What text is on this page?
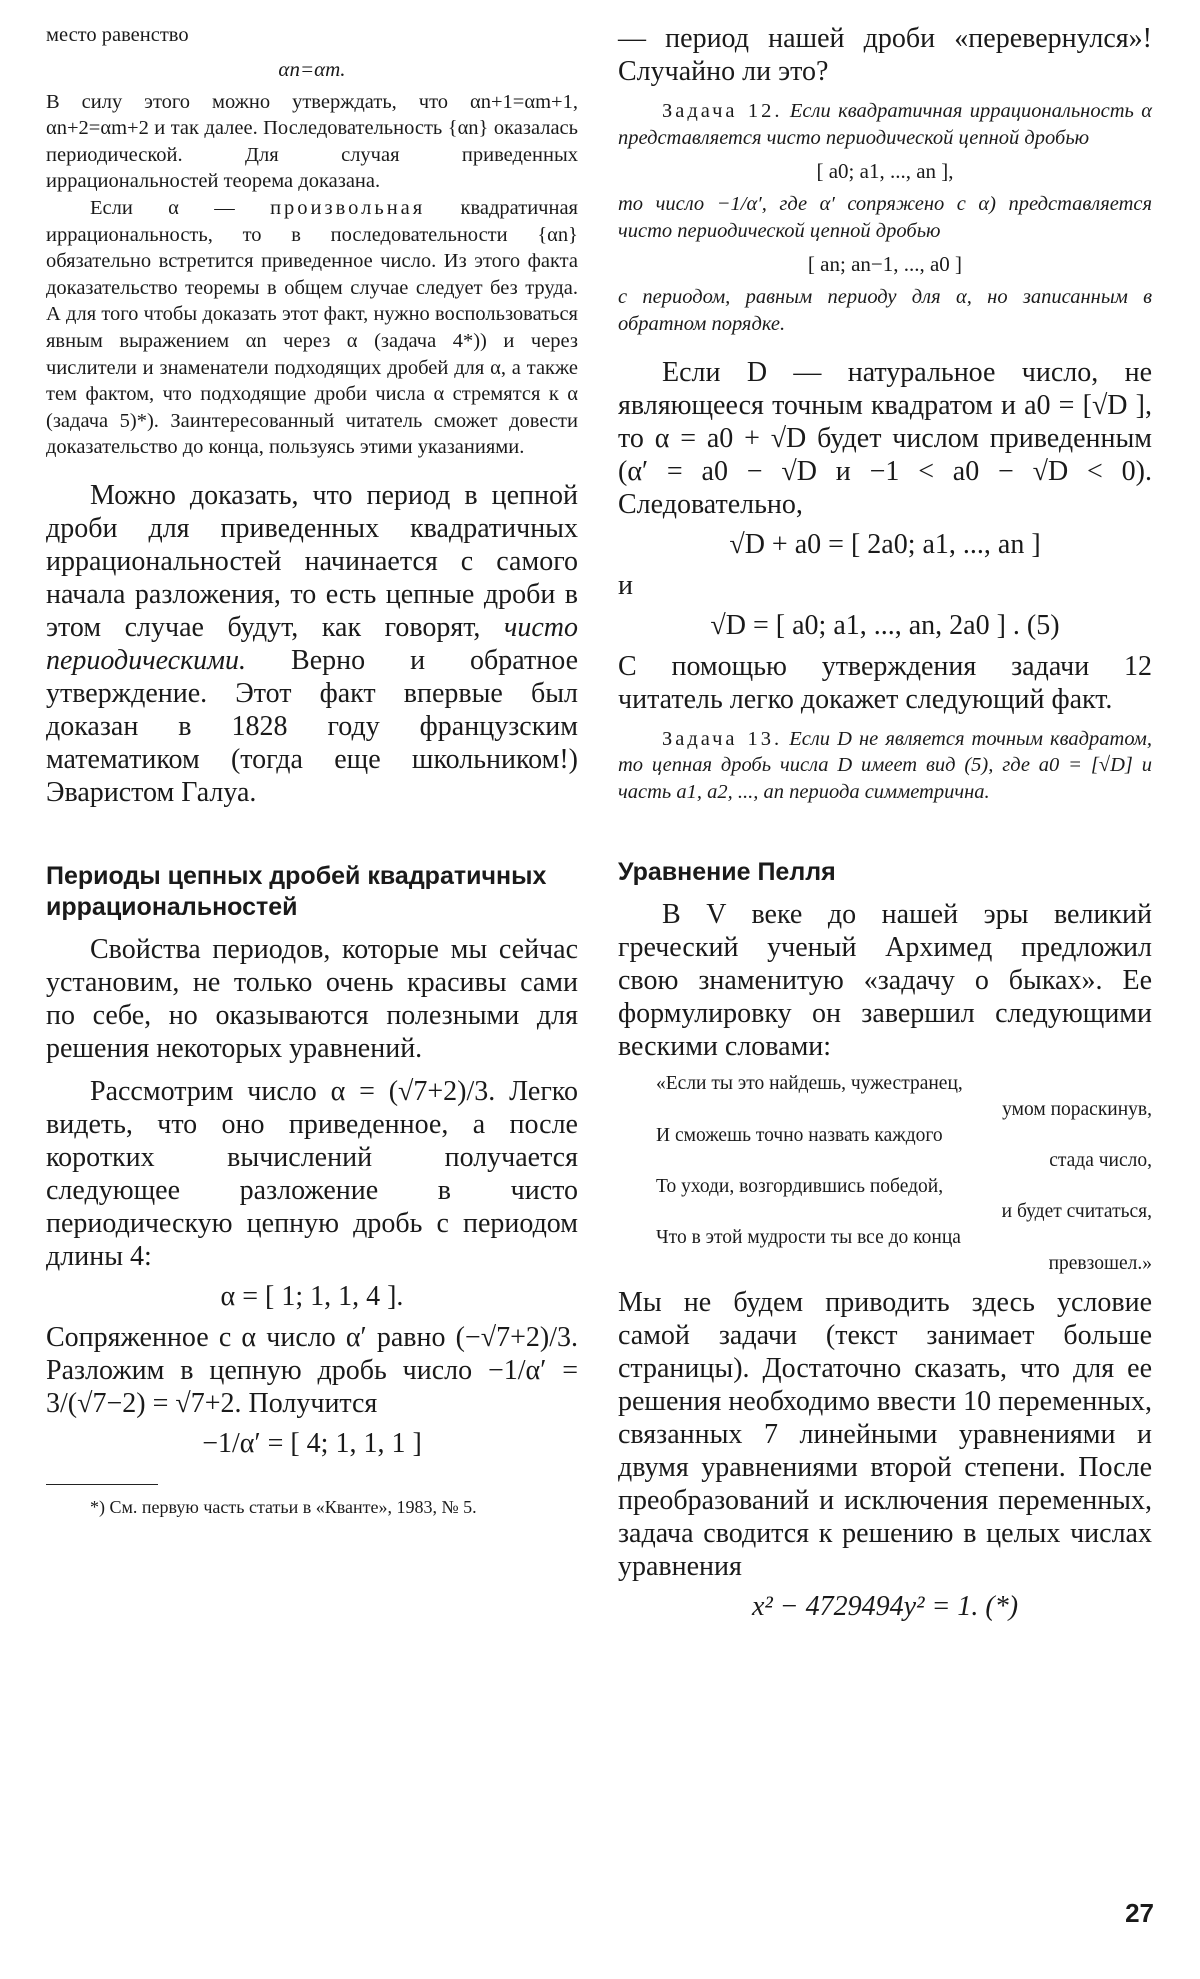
место равенство

αn=αm.

В силу этого можно утверждать, что αn+1=αm+1, αn+2=αm+2 и так далее. Последовательность {αn} оказалась периодической. Для случая приведенных иррациональностей теорема доказана.

Если α — произвольная квадратичная иррациональность, то в последовательности {αn} обязательно встретится приведенное число. Из этого факта доказательство теоремы в общем случае следует без труда. А для того чтобы доказать этот факт, нужно воспользоваться явным выражением αn через α (задача 4*)) и через числители и знаменатели подходящих дробей для α, а также тем фактом, что подходящие дроби числа α стремятся к α (задача 5)*). Заинтересованный читатель сможет довести доказательство до конца, пользуясь этими указаниями.

Можно доказать, что период в цепной дроби для приведенных квадратичных иррациональностей начинается с самого начала разложения, то есть цепные дроби в этом случае будут, как говорят, чисто периодическими. Верно и обратное утверждение. Этот факт впервые был доказан в 1828 году французским математиком (тогда еще школьником!) Эваристом Галуа.

Периоды цепных дробей квадратичных иррациональностей

Свойства периодов, которые мы сейчас установим, не только очень красивы сами по себе, но оказываются полезными для решения некоторых уравнений.

Рассмотрим число α = (√7+2)/3. Легко видеть, что оно приведенное, а после коротких вычислений получается следующее разложение в чисто периодическую цепную дробь с периодом длины 4:

α = [ 1; 1, 1, 4 ].

Сопряженное с α число α′ равно (−√7+2)/3. Разложим в цепную дробь число −1/α′ = 3/(√7−2) = √7+2. Получится

−1/α′ = [ 4; 1, 1, 1 ]

*) См. первую часть статьи в «Кванте», 1983, № 5.

— период нашей дроби «перевернулся»! Случайно ли это?

Задача 12. Если квадратичная иррациональность α представляется чисто периодической цепной дробью

[ a0; a1, ..., an ],

то число −1/α′, где α′ сопряжено с α) представляется чисто периодической цепной дробью

[ an; an−1, ..., a0 ]

с периодом, равным периоду для α, но записанным в обратном порядке.

Если D — натуральное число, не являющееся точным квадратом и a0 = [√D ], то α = a0 + √D будет числом приведенным (α′ = a0 − √D и −1 < a0 − √D < 0). Следовательно,

√D + a0 = [ 2a0; a1, ..., an ]

и

√D = [ a0; a1, ..., an, 2a0 ] . (5)

С помощью утверждения задачи 12 читатель легко докажет следующий факт.

Задача 13. Если D не является точным квадратом, то цепная дробь числа D имеет вид (5), где a0 = [√D] и часть a1, a2, ..., an периода симметрична.

Уравнение Пелля

В V веке до нашей эры великий греческий ученый Архимед предложил свою знаменитую «задачу о быках». Ее формулировку он завершил следующими вескими словами:

«Если ты это найдешь, чужестранец,
умом пораскинув,
И сможешь точно назвать каждого
стада число,
То уходи, возгордившись победой,
и будет считаться,
Что в этой мудрости ты все до конца
превзошел.»

Мы не будем приводить здесь условие самой задачи (текст занимает больше страницы). Достаточно сказать, что для ее решения необходимо ввести 10 переменных, связанных 7 линейными уравнениями и двумя уравнениями второй степени. После преобразований и исключения переменных, задача сводится к решению в целых числах уравнения

x² − 4729494y² = 1. (*)

27
